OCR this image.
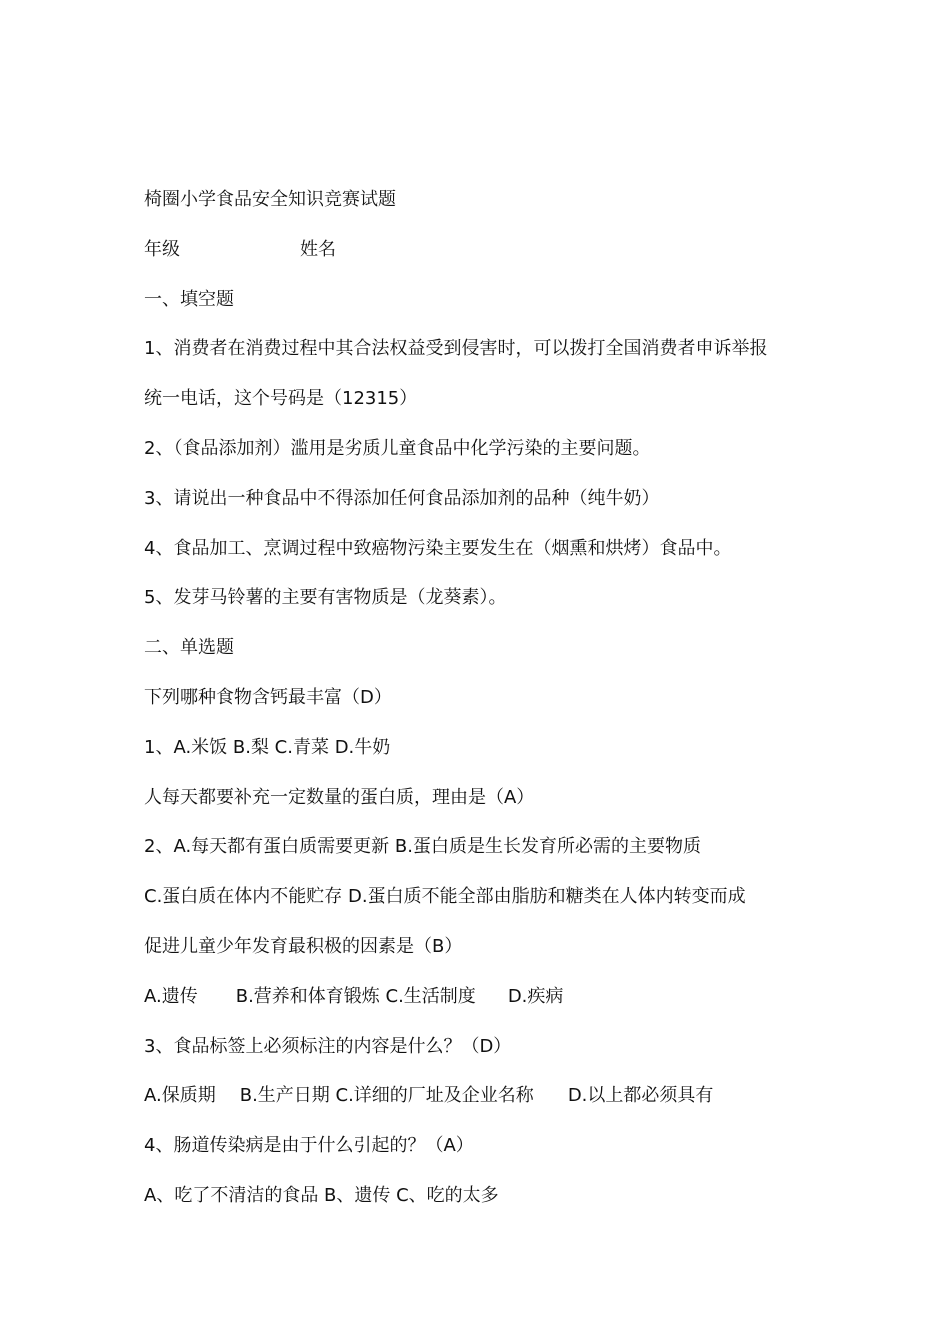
椅圈小学食品安全知识竞赛试题
年级	姓名
一、填空题
1、消费者在消费过程中其合法权益受到侵害时，可以拨打全国消费者申诉举报
统一电话，这个号码是（12315）
2、（食品添加剂）滥用是劣质儿童食品中化学污染的主要问题。
3、请说出一种食品中不得添加任何食品添加剂的品种（纯牛奶）
4、食品加工、烹调过程中致癌物污染主要发生在（烟熏和烘烤）食品中。
5、发芽马铃薯的主要有害物质是（龙葵素）。
二、单选题
下列哪种食物含钙最丰富（D）
1、A.米饭 B.梨 C.青菜 D.牛奶
人每天都要补充一定数量的蛋白质，理由是（A）
2、A.每天都有蛋白质需要更新 B.蛋白质是生长发育所必需的主要物质
C.蛋白质在体内不能贮存 D.蛋白质不能全部由脂肪和糖类在人体内转变而成
促进儿童少年发育最积极的因素是（B）
A.遗传 B.营养和体育锻炼 C.生活制度 D.疾病
3、食品标签上必须标注的内容是什么？（D）
A.保质期 B.生产日期 C.详细的厂址及企业名称 D.以上都必须具有
4、肠道传染病是由于什么引起的？（A）
A、吃了不清洁的食品 B、遗传 C、吃的太多
